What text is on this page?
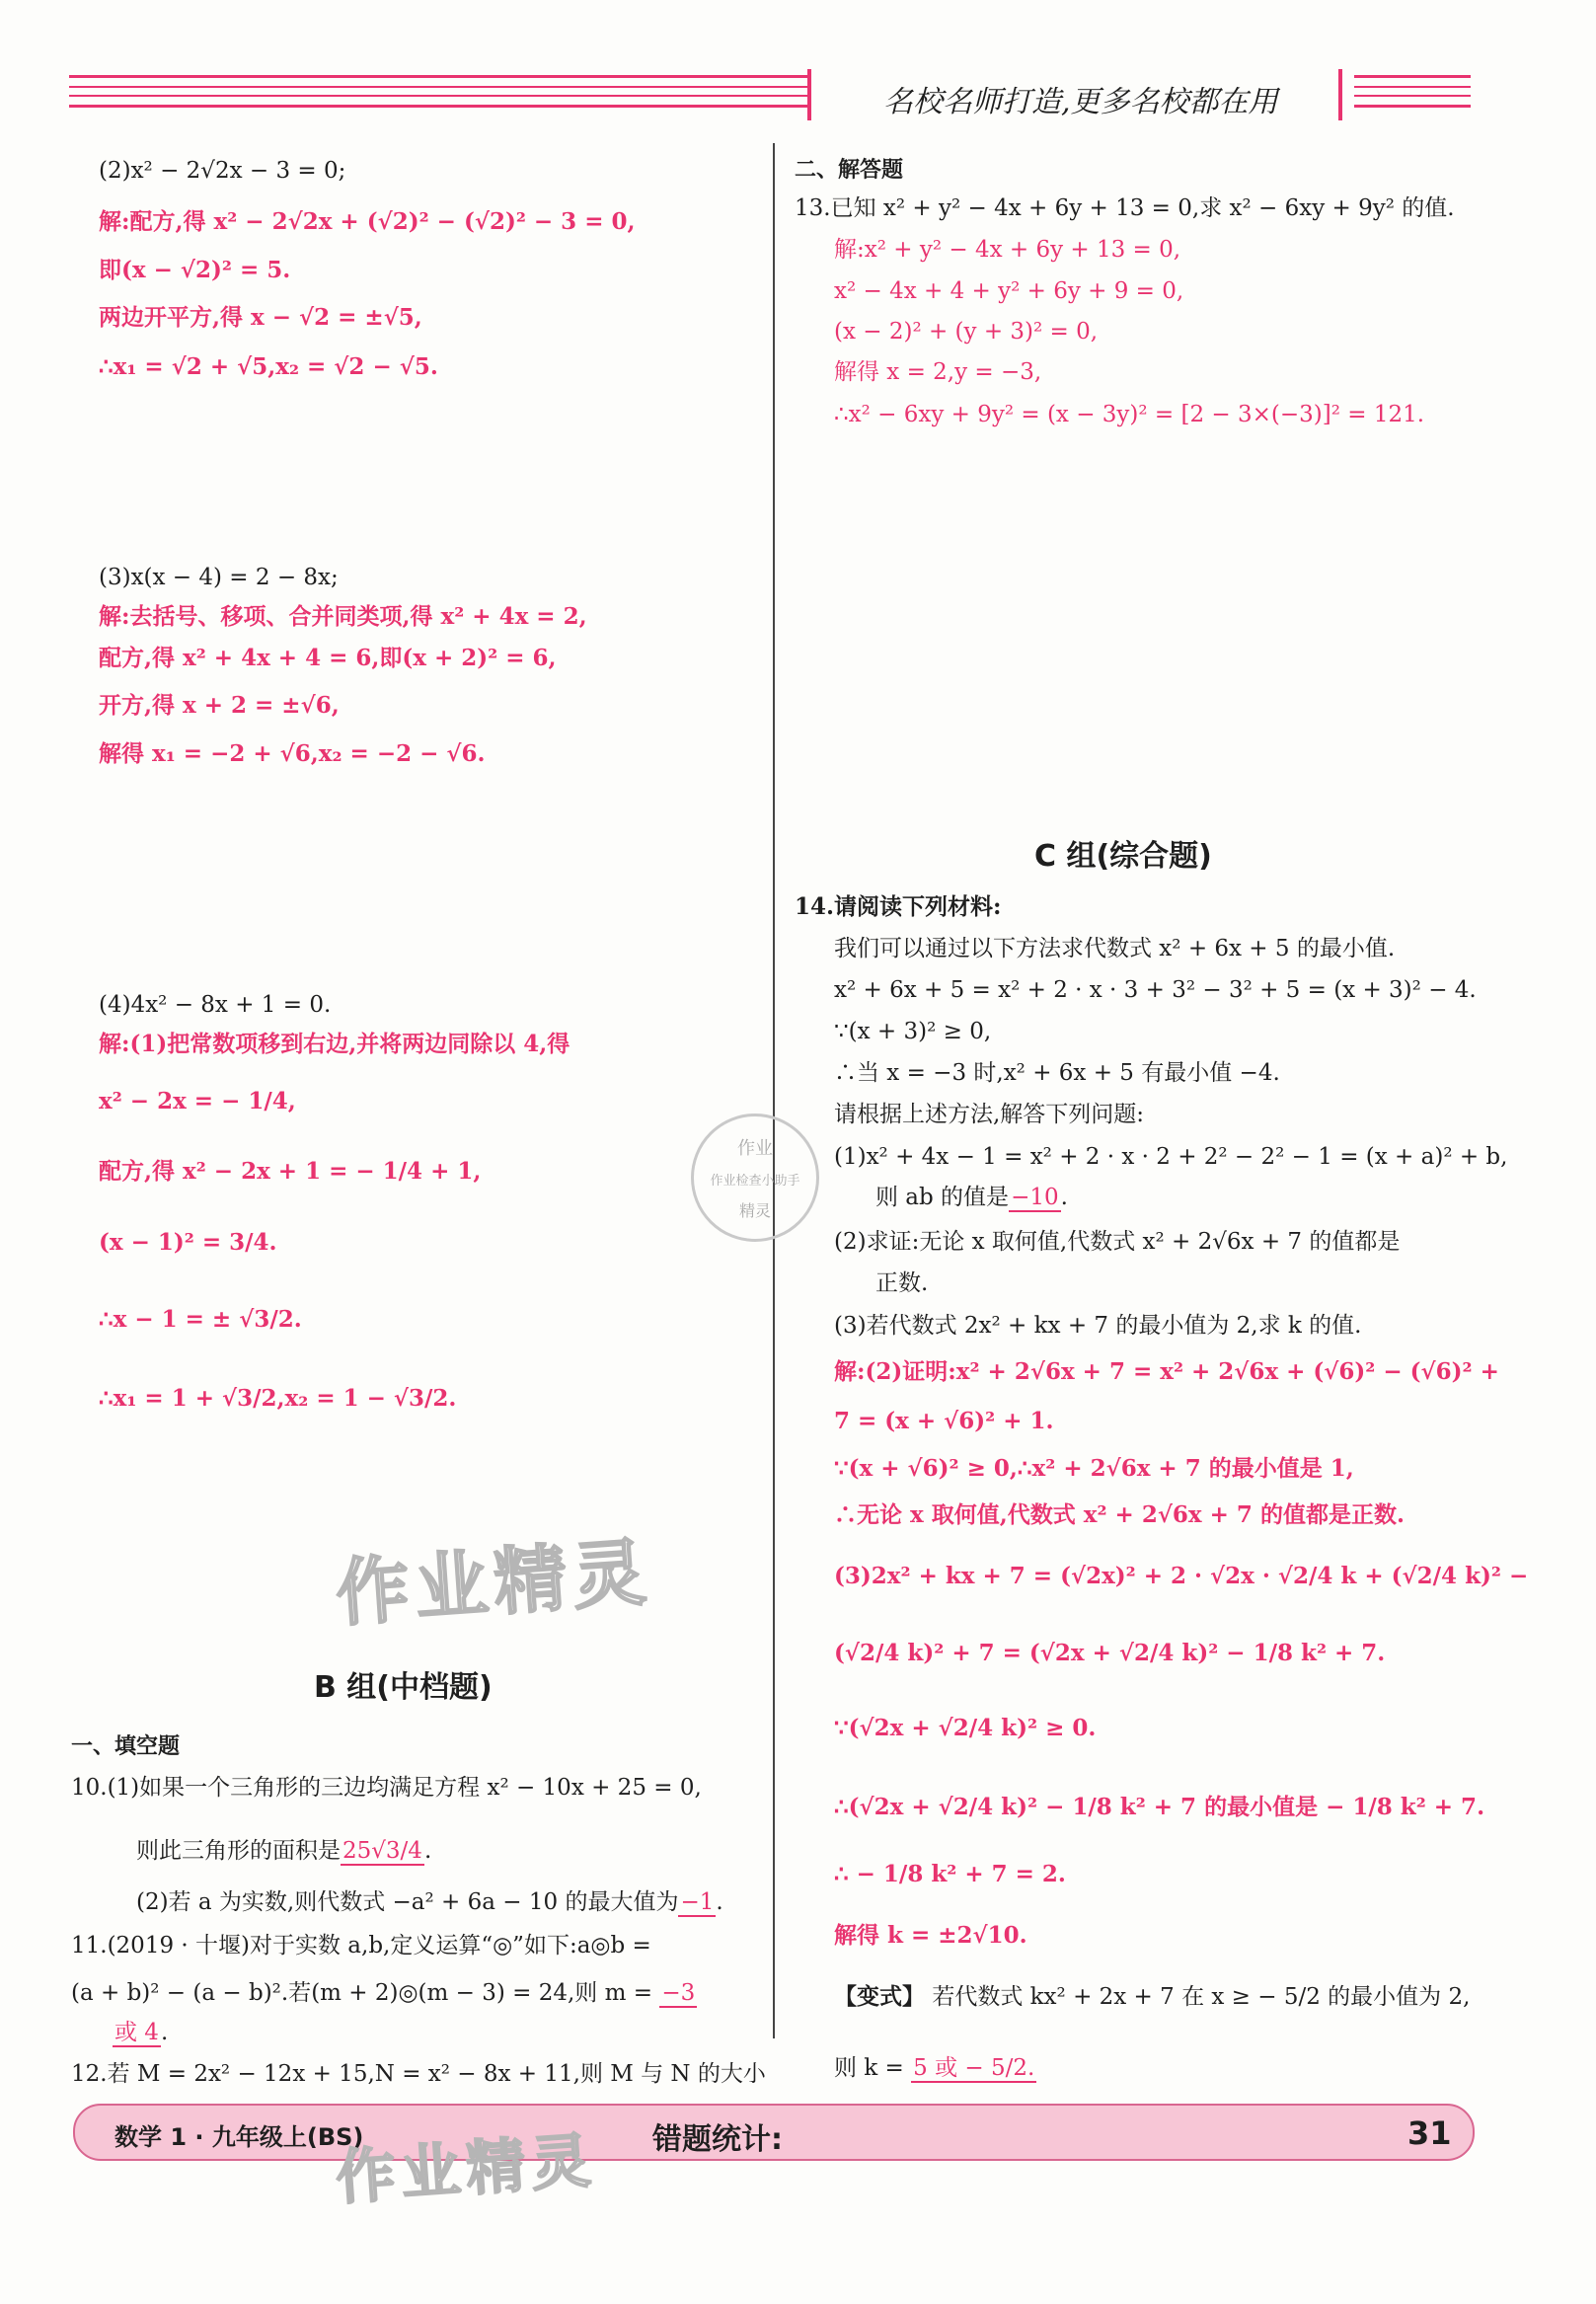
名校名师打造,更多名校都在用
(2)x² − 2√2x − 3 = 0;
解:配方,得 x² − 2√2x + (√2)² − (√2)² − 3 = 0,
即(x − √2)² = 5.
两边开平方,得 x − √2 = ±√5,
∴x₁ = √2 + √5,x₂ = √2 − √5.
(3)x(x − 4) = 2 − 8x;
解:去括号、移项、合并同类项,得 x² + 4x = 2,
配方,得 x² + 4x + 4 = 6,即(x + 2)² = 6,
开方,得 x + 2 = ±√6,
解得 x₁ = −2 + √6,x₂ = −2 − √6.
(4)4x² − 8x + 1 = 0.
解:(1)把常数项移到右边,并将两边同除以 4,得
x² − 2x = − 1/4,
配方,得 x² − 2x + 1 = − 1/4 + 1,
(x − 1)² = 3/4.
∴x − 1 = ± √3/2.
∴x₁ = 1 + √3/2,x₂ = 1 − √3/2.
B 组(中档题)
一、填空题
10.(1)如果一个三角形的三边均满足方程 x² − 10x + 25 = 0,
则此三角形的面积是25√3/4.
(2)若 a 为实数,则代数式 −a² + 6a − 10 的最大值为−1.
11.(2019 · 十堰)对于实数 a,b,定义运算“◎”如下:a◎b =
(a + b)² − (a − b)².若(m + 2)◎(m − 3) = 24,则 m = −3
或 4.
12.若 M = 2x² − 12x + 15,N = x² − 8x + 11,则 M 与 N 的大小
二、解答题
13.已知 x² + y² − 4x + 6y + 13 = 0,求 x² − 6xy + 9y² 的值.
解:x² + y² − 4x + 6y + 13 = 0,
x² − 4x + 4 + y² + 6y + 9 = 0,
(x − 2)² + (y + 3)² = 0,
解得 x = 2,y = −3,
∴x² − 6xy + 9y² = (x − 3y)² = [2 − 3×(−3)]² = 121.
C 组(综合题)
14.请阅读下列材料:
我们可以通过以下方法求代数式 x² + 6x + 5 的最小值.
x² + 6x + 5 = x² + 2 · x · 3 + 3² − 3² + 5 = (x + 3)² − 4.
∵(x + 3)² ≥ 0,
∴当 x = −3 时,x² + 6x + 5 有最小值 −4.
请根据上述方法,解答下列问题:
(1)x² + 4x − 1 = x² + 2 · x · 2 + 2² − 2² − 1 = (x + a)² + b,
则 ab 的值是−10.
(2)求证:无论 x 取何值,代数式 x² + 2√6x + 7 的值都是
正数.
(3)若代数式 2x² + kx + 7 的最小值为 2,求 k 的值.
解:(2)证明:x² + 2√6x + 7 = x² + 2√6x + (√6)² − (√6)² +
7 = (x + √6)² + 1.
∵(x + √6)² ≥ 0,∴x² + 2√6x + 7 的最小值是 1,
∴无论 x 取何值,代数式 x² + 2√6x + 7 的值都是正数.
(3)2x² + kx + 7 = (√2x)² + 2 · √2x · √2/4 k + (√2/4 k)² −
(√2/4 k)² + 7 = (√2x + √2/4 k)² − 1/8 k² + 7.
∵(√2x + √2/4 k)² ≥ 0.
∴(√2x + √2/4 k)² − 1/8 k² + 7 的最小值是 − 1/8 k² + 7.
∴ − 1/8 k² + 7 = 2.
解得 k = ±2√10.
【变式】 若代数式 kx² + 2x + 7 在 x ≥ − 5/2 的最小值为 2,
则 k = 5 或 − 5/2.
作业
作业检查小助手
精灵
作业精灵
数学 1 · 九年级上(BS)	错题统计:	31
作业精灵
